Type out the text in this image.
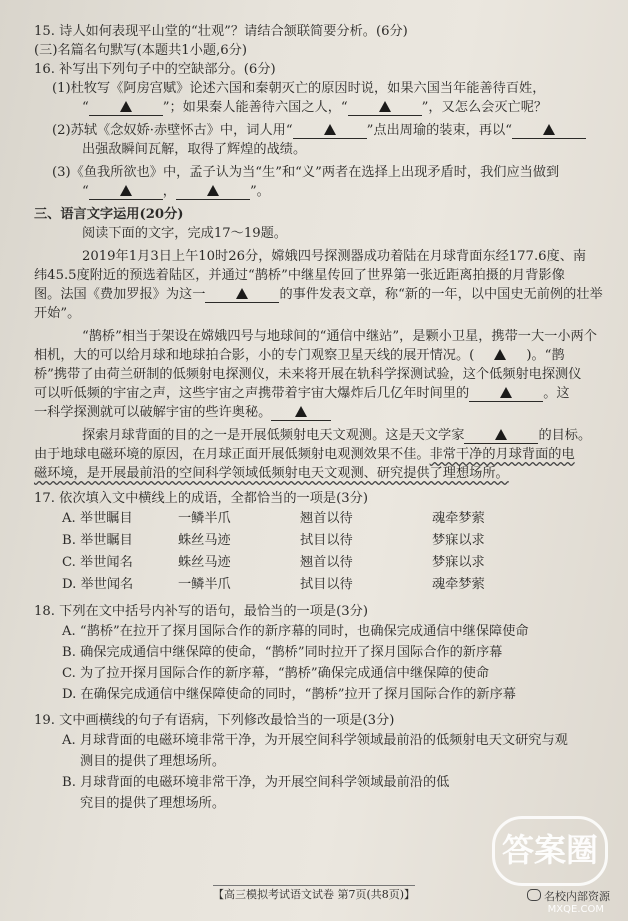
15. 诗人如何表现平山堂的“壮观”？请结合颔联简要分析。(6分)
(三)名篇名句默写(本题共1小题,6分)
16. 补写出下列句子中的空缺部分。(6分)
(1)杜牧写《阿房宫赋》论述六国和秦朝灭亡的原因时说，如果六国当年能善待百姓，
“	”；如果秦人能善待六国之人，“	”，又怎么会灭亡呢？
(2)苏轼《念奴娇·赤壁怀古》中，词人用“	”点出周瑜的装束，再以“
出强敌瞬间瓦解，取得了辉煌的战绩。
(3)《鱼我所欲也》中，孟子认为当“生”和“义”两者在选择上出现矛盾时，我们应当做到
“	，	”。
三、语言文字运用(20分)
阅读下面的文字，完成17～19题。
2019年1月3日上午10时26分，嫦娥四号探测器成功着陆在月球背面东经177.6度、南
纬45.5度附近的预选着陆区，并通过“鹊桥”中继星传回了世界第一张近距离拍摄的月背影像
图。法国《费加罗报》为这一	的事件发表文章，称“新的一年，以中国史无前例的壮举
开始”。
“鹊桥”相当于架设在嫦娥四号与地球间的“通信中继站”，是颗小卫星，携带一大一小两个
相机，大的可以给月球和地球拍合影，小的专门观察卫星天线的展开情况。(	)。“鹊
桥”携带了由荷兰研制的低频射电探测仪，未来将开展在轨科学探测试验，这个低频射电探测仪
可以听低频的宇宙之声，这些宇宙之声携带着宇宙大爆炸后几亿年时间里的	。这
一科学探测就可以破解宇宙的些许奥秘。
探索月球背面的目的之一是开展低频射电天文观测。这是天文学家	的目标。
由于地球电磁环境的原因，在月球正面开展低频射电观测效果不佳。非常干净的月球背面的电
磁环境，是开展最前沿的空间科学领域低频射电天文观测、研究提供了理想场所。
17. 依次填入文中横线上的成语，全都恰当的一项是(3分)
A. 举世瞩目	一鳞半爪	翘首以待	魂牵梦萦
B. 举世瞩目	蛛丝马迹	拭目以待	梦寐以求
C. 举世闻名	蛛丝马迹	翘首以待	梦寐以求
D. 举世闻名	一鳞半爪	拭目以待	魂牵梦萦
18. 下列在文中括号内补写的语句，最恰当的一项是(3分)
A. “鹊桥”在拉开了探月国际合作的新序幕的同时，也确保完成通信中继保障使命
B. 确保完成通信中继保障的使命，“鹊桥”同时拉开了探月国际合作的新序幕
C. 为了拉开探月国际合作的新序幕，“鹊桥”确保完成通信中继保障的使命
D. 在确保完成通信中继保障使命的同时，“鹊桥”拉开了探月国际合作的新序幕
19. 文中画横线的句子有语病，下列修改最恰当的一项是(3分)
A. 月球背面的电磁环境非常干净，为开展空间科学领域最前沿的低频射电天文研究与观
测目的提供了理想场所。
B. 月球背面的电磁环境非常干净，为开展空间科学领域最前沿的低
究目的提供了理想场所。
【高三模拟考试语文试卷 第7页(共8页)】
答案圈
名校内部资源
MXQE.COM
